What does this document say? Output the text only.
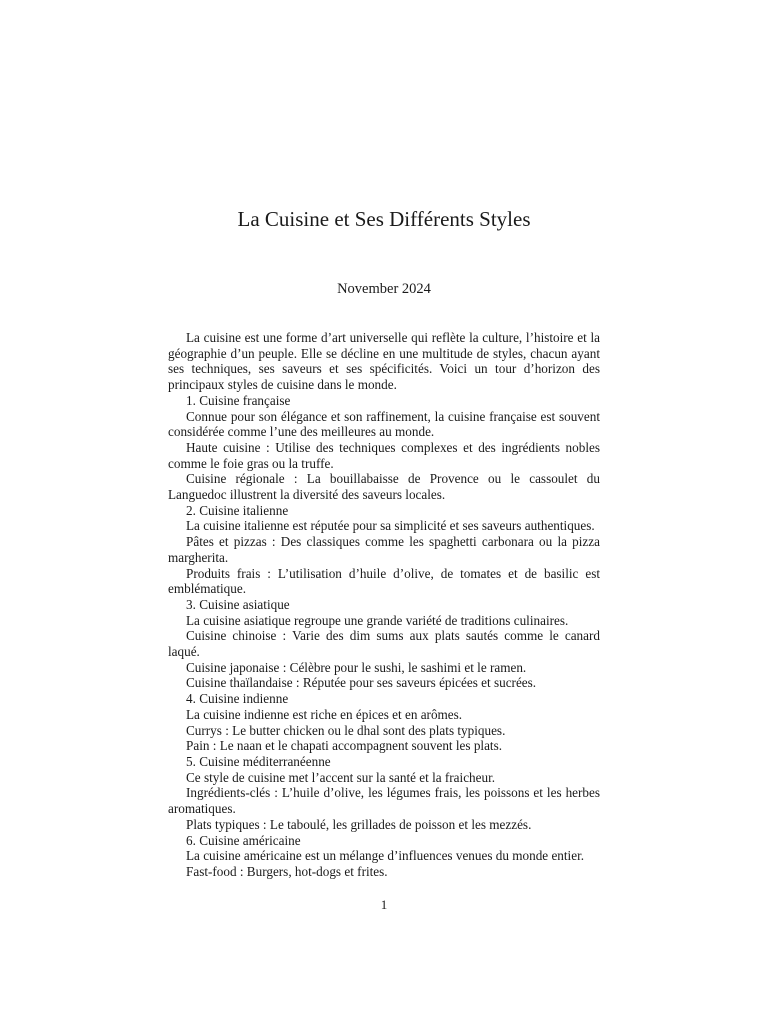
La Cuisine et Ses Différents Styles
November 2024

La cuisine est une forme d’art universelle qui reflète la culture, l’histoire et la géographie d’un peuple. Elle se décline en une multitude de styles, chacun ayant ses techniques, ses saveurs et ses spécificités. Voici un tour d’horizon des principaux styles de cuisine dans le monde.

1. Cuisine française

Connue pour son élégance et son raffinement, la cuisine française est souvent considérée comme l’une des meilleures au monde.

Haute cuisine : Utilise des techniques complexes et des ingrédients nobles comme le foie gras ou la truffe.

Cuisine régionale : La bouillabaisse de Provence ou le cassoulet du Languedoc illustrent la diversité des saveurs locales.

2. Cuisine italienne

La cuisine italienne est réputée pour sa simplicité et ses saveurs authentiques.

Pâtes et pizzas : Des classiques comme les spaghetti carbonara ou la pizza margherita.

Produits frais : L’utilisation d’huile d’olive, de tomates et de basilic est emblématique.

3. Cuisine asiatique

La cuisine asiatique regroupe une grande variété de traditions culinaires.

Cuisine chinoise : Varie des dim sums aux plats sautés comme le canard laqué.

Cuisine japonaise : Célèbre pour le sushi, le sashimi et le ramen.

Cuisine thaïlandaise : Réputée pour ses saveurs épicées et sucrées.

4. Cuisine indienne

La cuisine indienne est riche en épices et en arômes.

Currys : Le butter chicken ou le dhal sont des plats typiques.

Pain : Le naan et le chapati accompagnent souvent les plats.

5. Cuisine méditerranéenne

Ce style de cuisine met l’accent sur la santé et la fraicheur.

Ingrédients-clés : L’huile d’olive, les légumes frais, les poissons et les herbes aromatiques.

Plats typiques : Le taboulé, les grillades de poisson et les mezzés.

6. Cuisine américaine

La cuisine américaine est un mélange d’influences venues du monde entier.

Fast-food : Burgers, hot-dogs et frites.

1
